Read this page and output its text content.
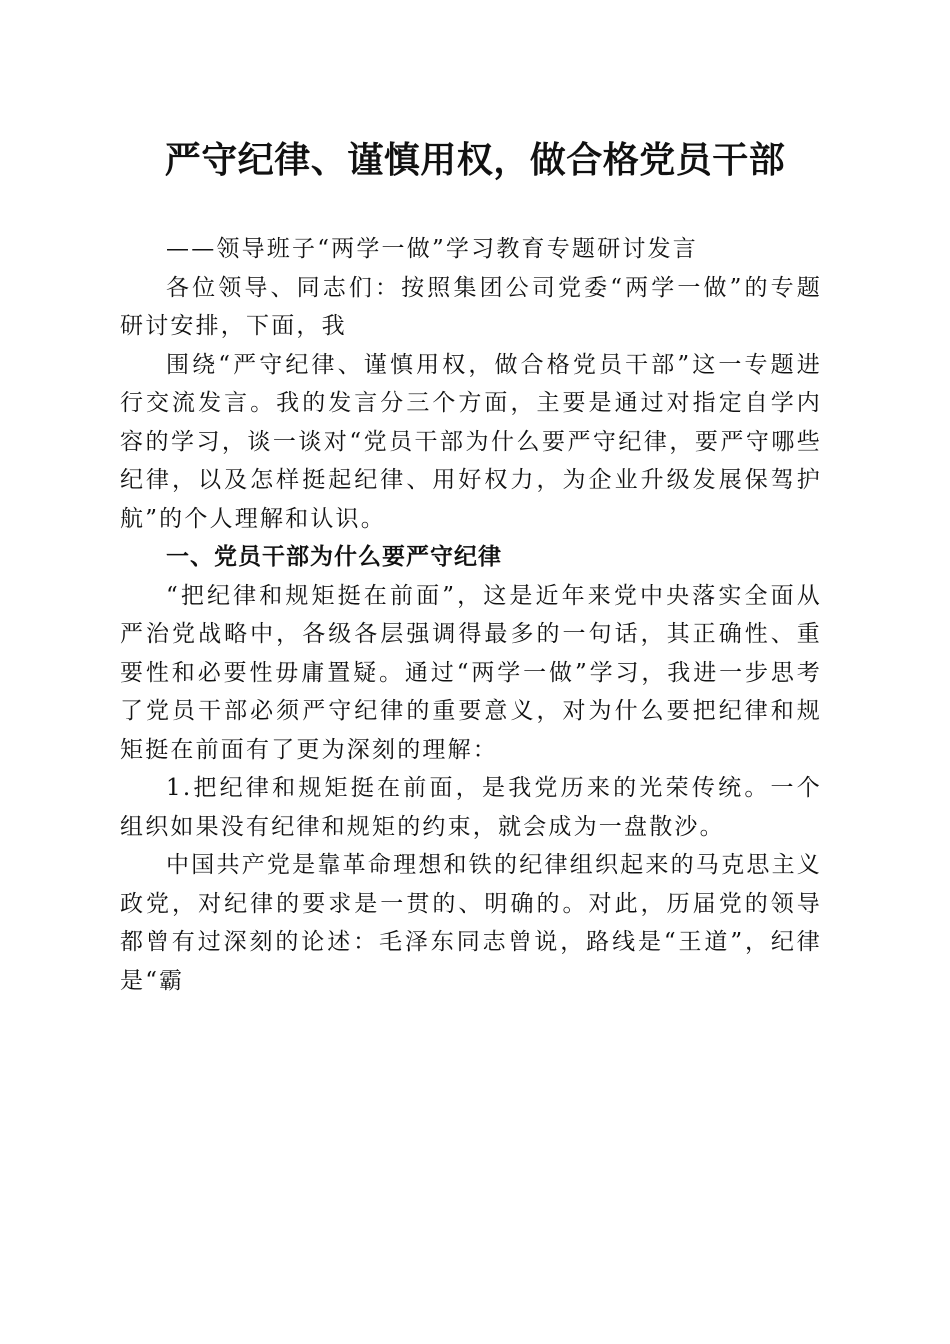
严守纪律、谨慎用权，做合格党员干部

——领导班子“两学一做”学习教育专题研讨发言

各位领导、同志们：按照集团公司党委“两学一做”的专题研讨安排，下面，我

围绕“严守纪律、谨慎用权，做合格党员干部”这一专题进行交流发言。我的发言分三个方面，主要是通过对指定自学内容的学习，谈一谈对“党员干部为什么要严守纪律，要严守哪些纪律，以及怎样挺起纪律、用好权力，为企业升级发展保驾护航”的个人理解和认识。

一、党员干部为什么要严守纪律

“把纪律和规矩挺在前面”，这是近年来党中央落实全面从严治党战略中，各级各层强调得最多的一句话，其正确性、重要性和必要性毋庸置疑。通过“两学一做”学习，我进一步思考了党员干部必须严守纪律的重要意义，对为什么要把纪律和规矩挺在前面有了更为深刻的理解：

1.把纪律和规矩挺在前面，是我党历来的光荣传统。一个组织如果没有纪律和规矩的约束，就会成为一盘散沙。

中国共产党是靠革命理想和铁的纪律组织起来的马克思主义政党，对纪律的要求是一贯的、明确的。对此，历届党的领导都曾有过深刻的论述：毛泽东同志曾说，路线是“王道”，纪律是“霸
